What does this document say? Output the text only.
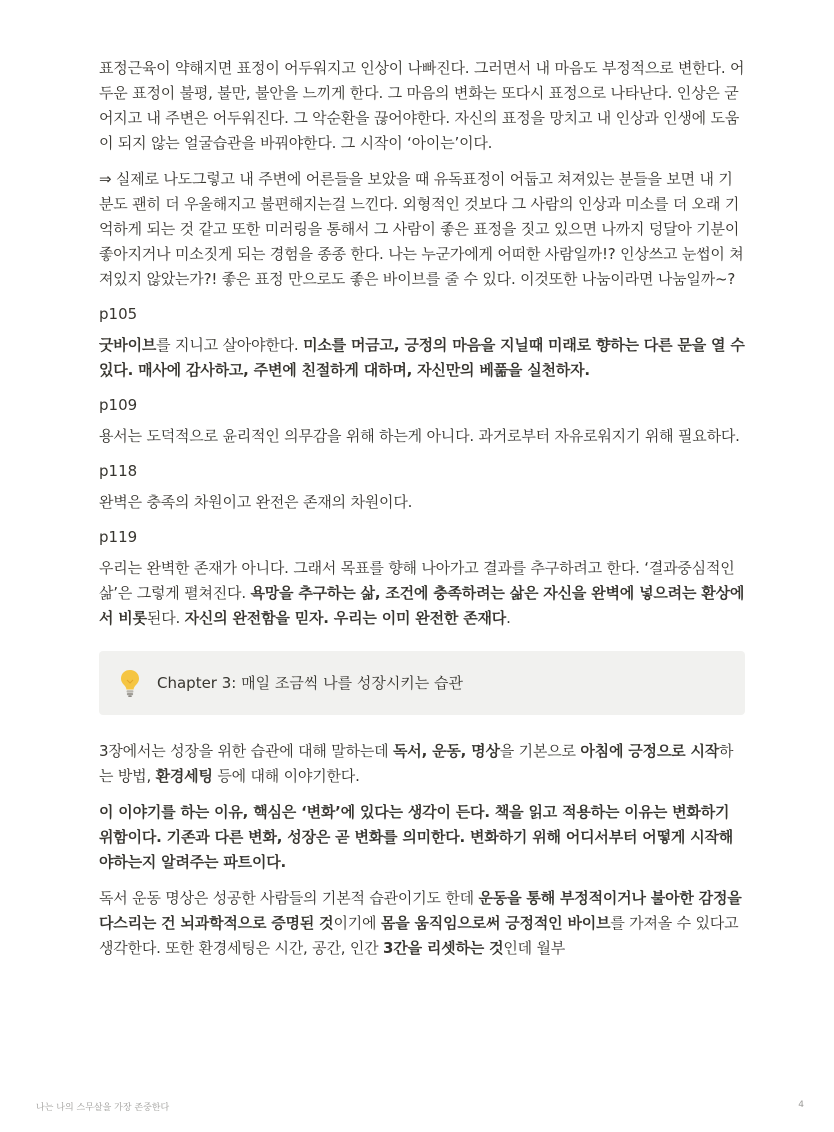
표정근육이 약해지면 표정이 어두워지고 인상이 나빠진다. 그러면서 내 마음도 부정적으로 변한다. 어두운 표정이 불평, 불만, 불안을 느끼게 한다. 그 마음의 변화는 또다시 표정으로 나타난다. 인상은 굳어지고 내 주변은 어두워진다. 그 악순환을 끊어야한다. 자신의 표정을 망치고 내 인상과 인생에 도움이 되지 않는 얼굴습관을 바꿔야한다. 그 시작이 ‘아이는’이다.

⇒ 실제로 나도그렇고 내 주변에 어른들을 보았을 때 유독표정이 어둡고 쳐져있는 분들을 보면 내 기분도 괜히 더 우울해지고 불편해지는걸 느낀다. 외형적인 것보다 그 사람의 인상과 미소를 더 오래 기억하게 되는 것 같고 또한 미러링을 통해서 그 사람이 좋은 표정을 짓고 있으면 나까지 덩달아 기분이 좋아지거나 미소짓게 되는 경험을 종종 한다. 나는 누군가에게 어떠한 사람일까!? 인상쓰고 눈썹이 쳐져있지 않았는가?! 좋은 표정 만으로도 좋은 바이브를 줄 수 있다. 이것또한 나눔이라면 나눔일까~?

p105

굿바이브를 지니고 살아야한다. 미소를 머금고, 긍정의 마음을 지닐때 미래로 향하는 다른 문을 열 수 있다. 매사에 감사하고, 주변에 친절하게 대하며, 자신만의 베풂을 실천하자.

p109

용서는 도덕적으로 윤리적인 의무감을 위해 하는게 아니다. 과거로부터 자유로워지기 위해 필요하다.

p118

완벽은 충족의 차원이고 완전은 존재의 차원이다.

p119

우리는 완벽한 존재가 아니다. 그래서 목표를 향해 나아가고 결과를 추구하려고 한다. ‘결과중심적인 삶’은 그렇게 펼쳐진다. 욕망을 추구하는 삶, 조건에 충족하려는 삶은 자신을 완벽에 넣으려는 환상에서 비롯된다. 자신의 완전함을 믿자. 우리는 이미 완전한 존재다.

Chapter 3: 매일 조금씩 나를 성장시키는 습관

3장에서는 성장을 위한 습관에 대해 말하는데 독서, 운동, 명상을 기본으로 아침에 긍정으로 시작하는 방법, 환경세팅 등에 대해 이야기한다.

이 이야기를 하는 이유, 핵심은 ‘변화’에 있다는 생각이 든다. 책을 읽고 적용하는 이유는 변화하기 위함이다. 기존과 다른 변화, 성장은 곧 변화를 의미한다. 변화하기 위해 어디서부터 어떻게 시작해야하는지 알려주는 파트이다.

독서 운동 명상은 성공한 사람들의 기본적 습관이기도 한데 운동을 통해 부정적이거나 불아한 감정을 다스리는 건 뇌과학적으로 증명된 것이기에 몸을 움직임으로써 긍정적인 바이브를 가져올 수 있다고 생각한다. 또한 환경세팅은 시간, 공간, 인간 3간을 리셋하는 것인데 월부

나는 나의 스무살을 가장 존중한다	4
